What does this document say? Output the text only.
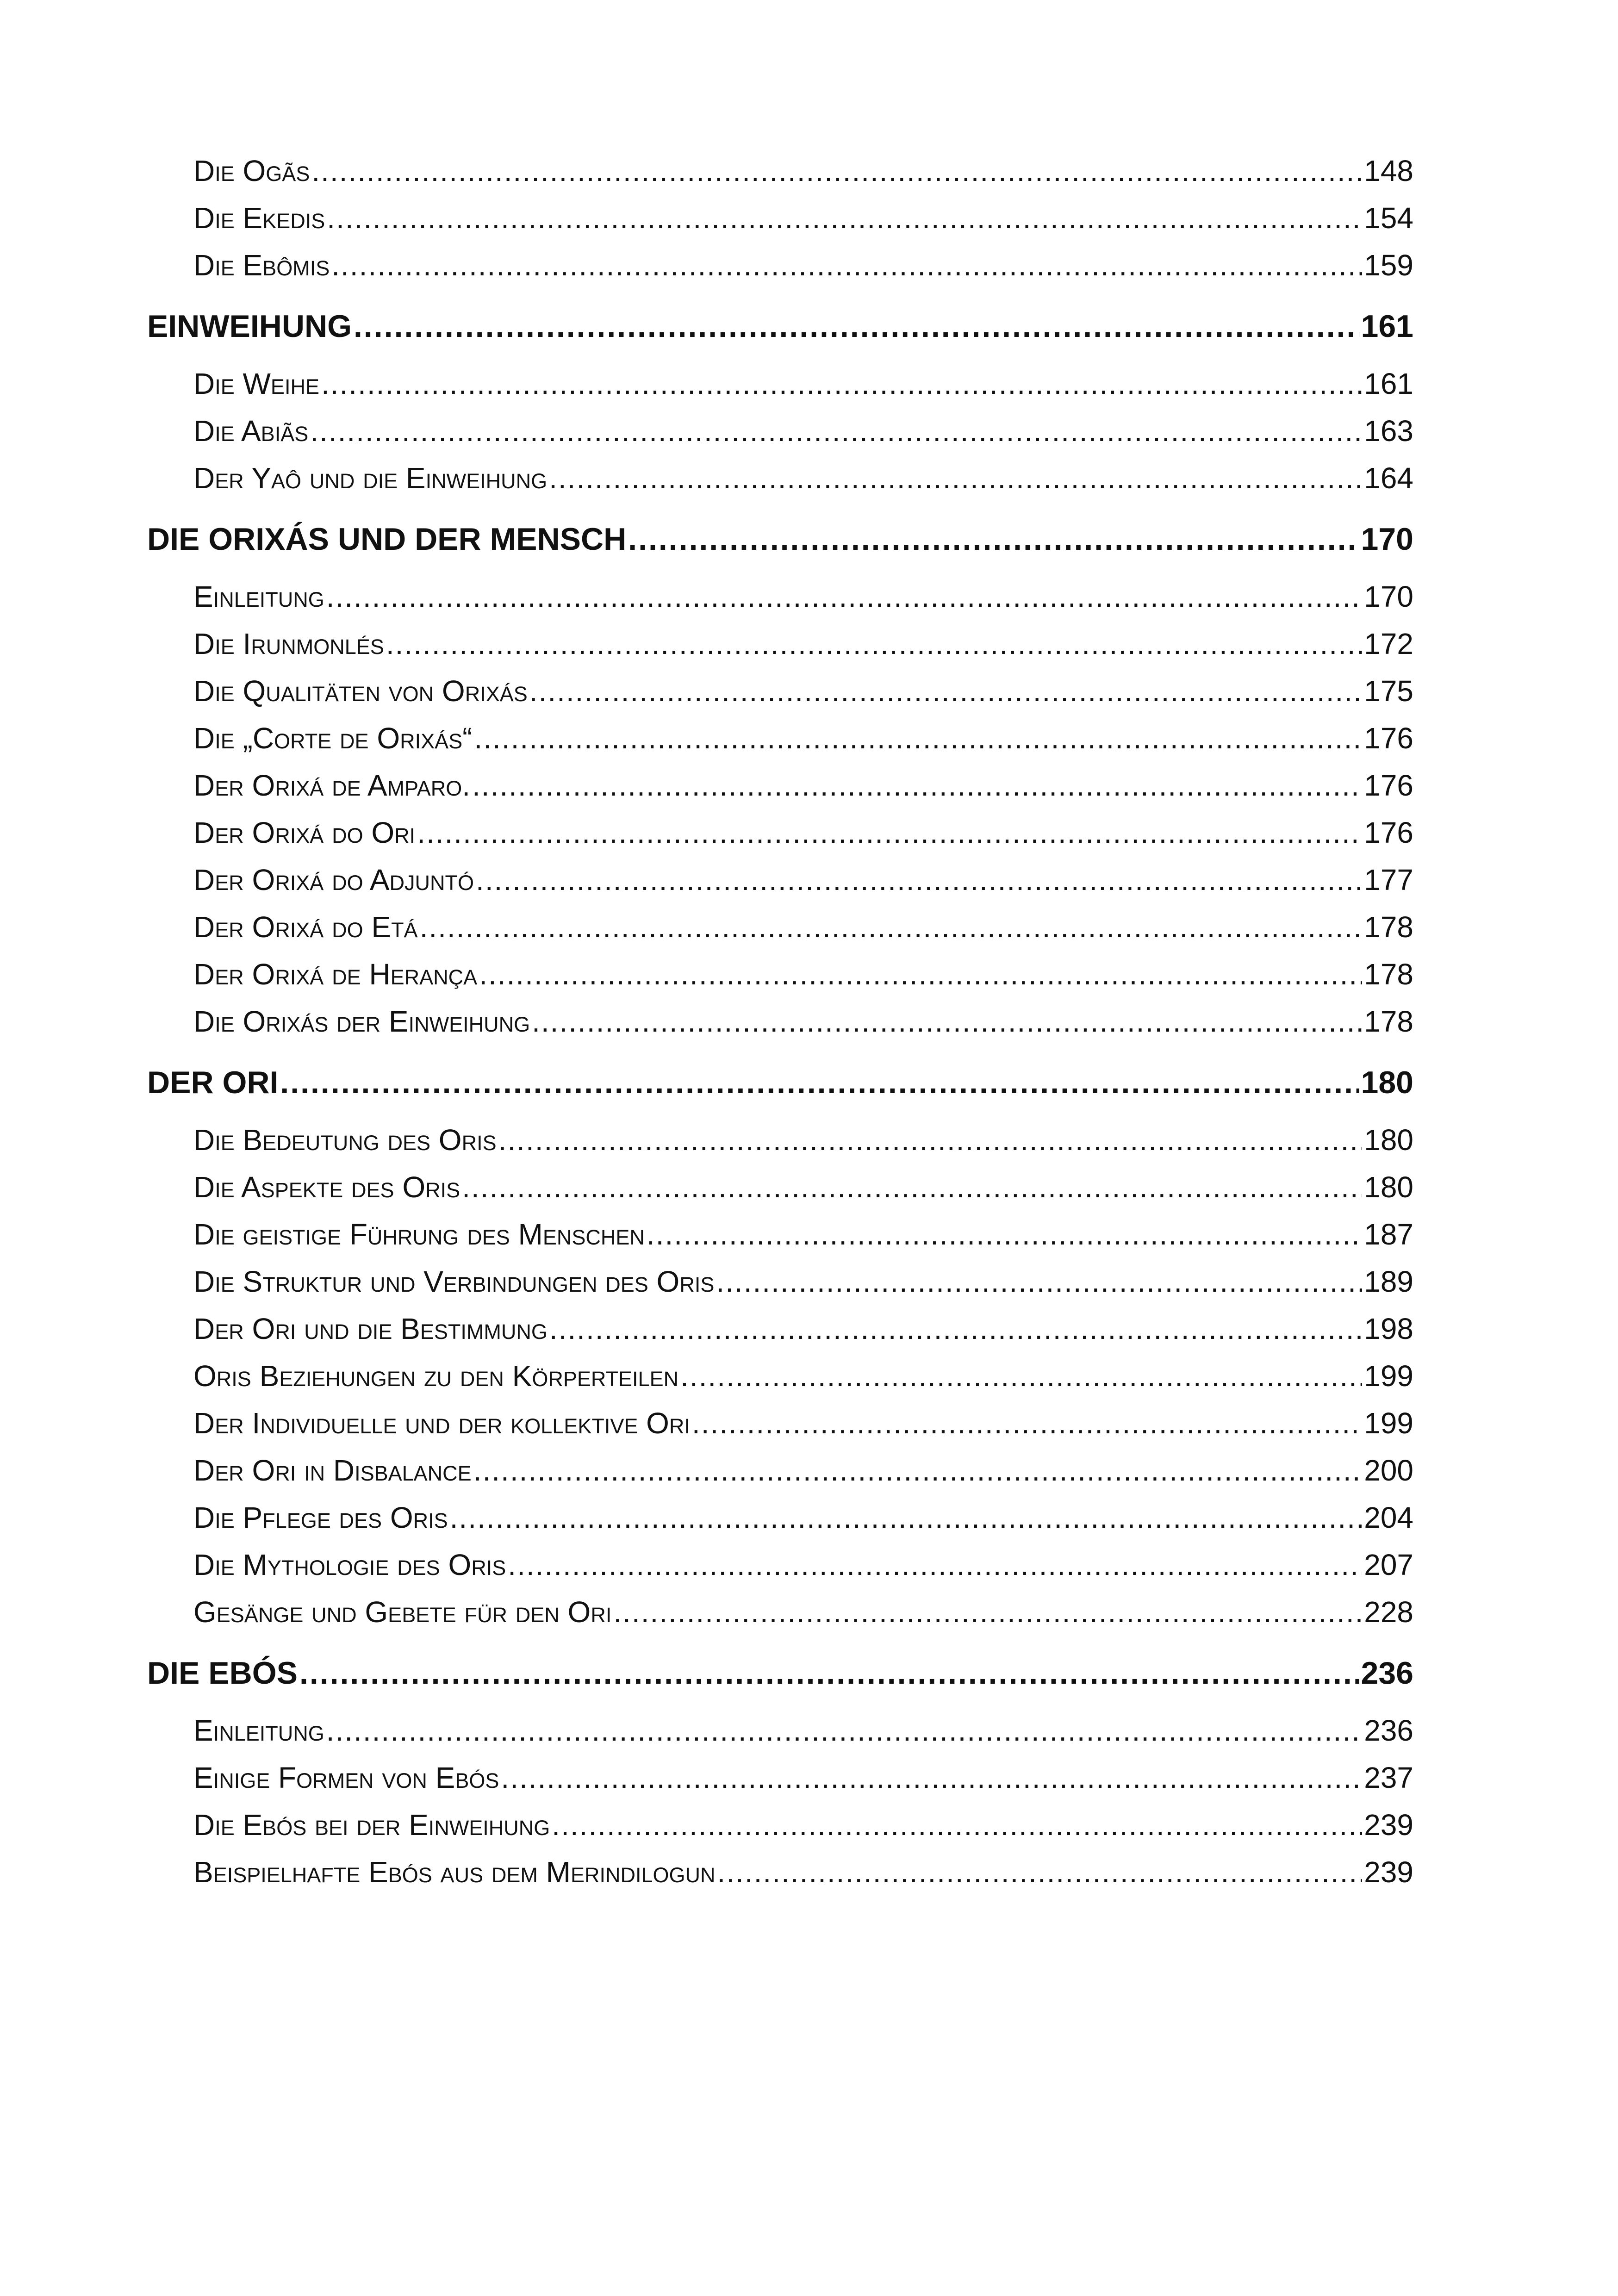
Die Ogãs .....	148
Die Ekedis .....	154
Die Ebômis .....	159
EINWEIHUNG .....	161
Die Weihe .....	161
Die Abiãs .....	163
Der Yaô und die Einweihung .....	164
DIE ORIXÁS UND DER MENSCH .....	170
Einleitung .....	170
Die Irunmonlés .....	172
Die Qualitäten von Orixás .....	175
Die „Corte de Orixás“ .....	176
Der Orixá de Amparo. .....	176
Der Orixá do Ori .....	176
Der Orixá do Adjuntó .....	177
Der Orixá do Etá .....	178
Der Orixá de Herança .....	178
Die Orixás der Einweihung .....	178
DER ORI .....	180
Die Bedeutung des Oris .....	180
Die Aspekte des Oris .....	180
Die geistige Führung des Menschen .....	187
Die Struktur und Verbindungen des Oris .....	189
Der Ori und die Bestimmung .....	198
Oris Beziehungen zu den Körperteilen .....	199
Der Individuelle und der kollektive Ori .....	199
Der Ori in Disbalance .....	200
Die Pflege des Oris .....	204
Die Mythologie des Oris .....	207
Gesänge und Gebete für den Ori .....	228
DIE EBÓS .....	236
Einleitung .....	236
Einige Formen von Ebós .....	237
Die Ebós bei der Einweihung .....	239
Beispielhafte Ebós aus dem Merindilogun .....	239
